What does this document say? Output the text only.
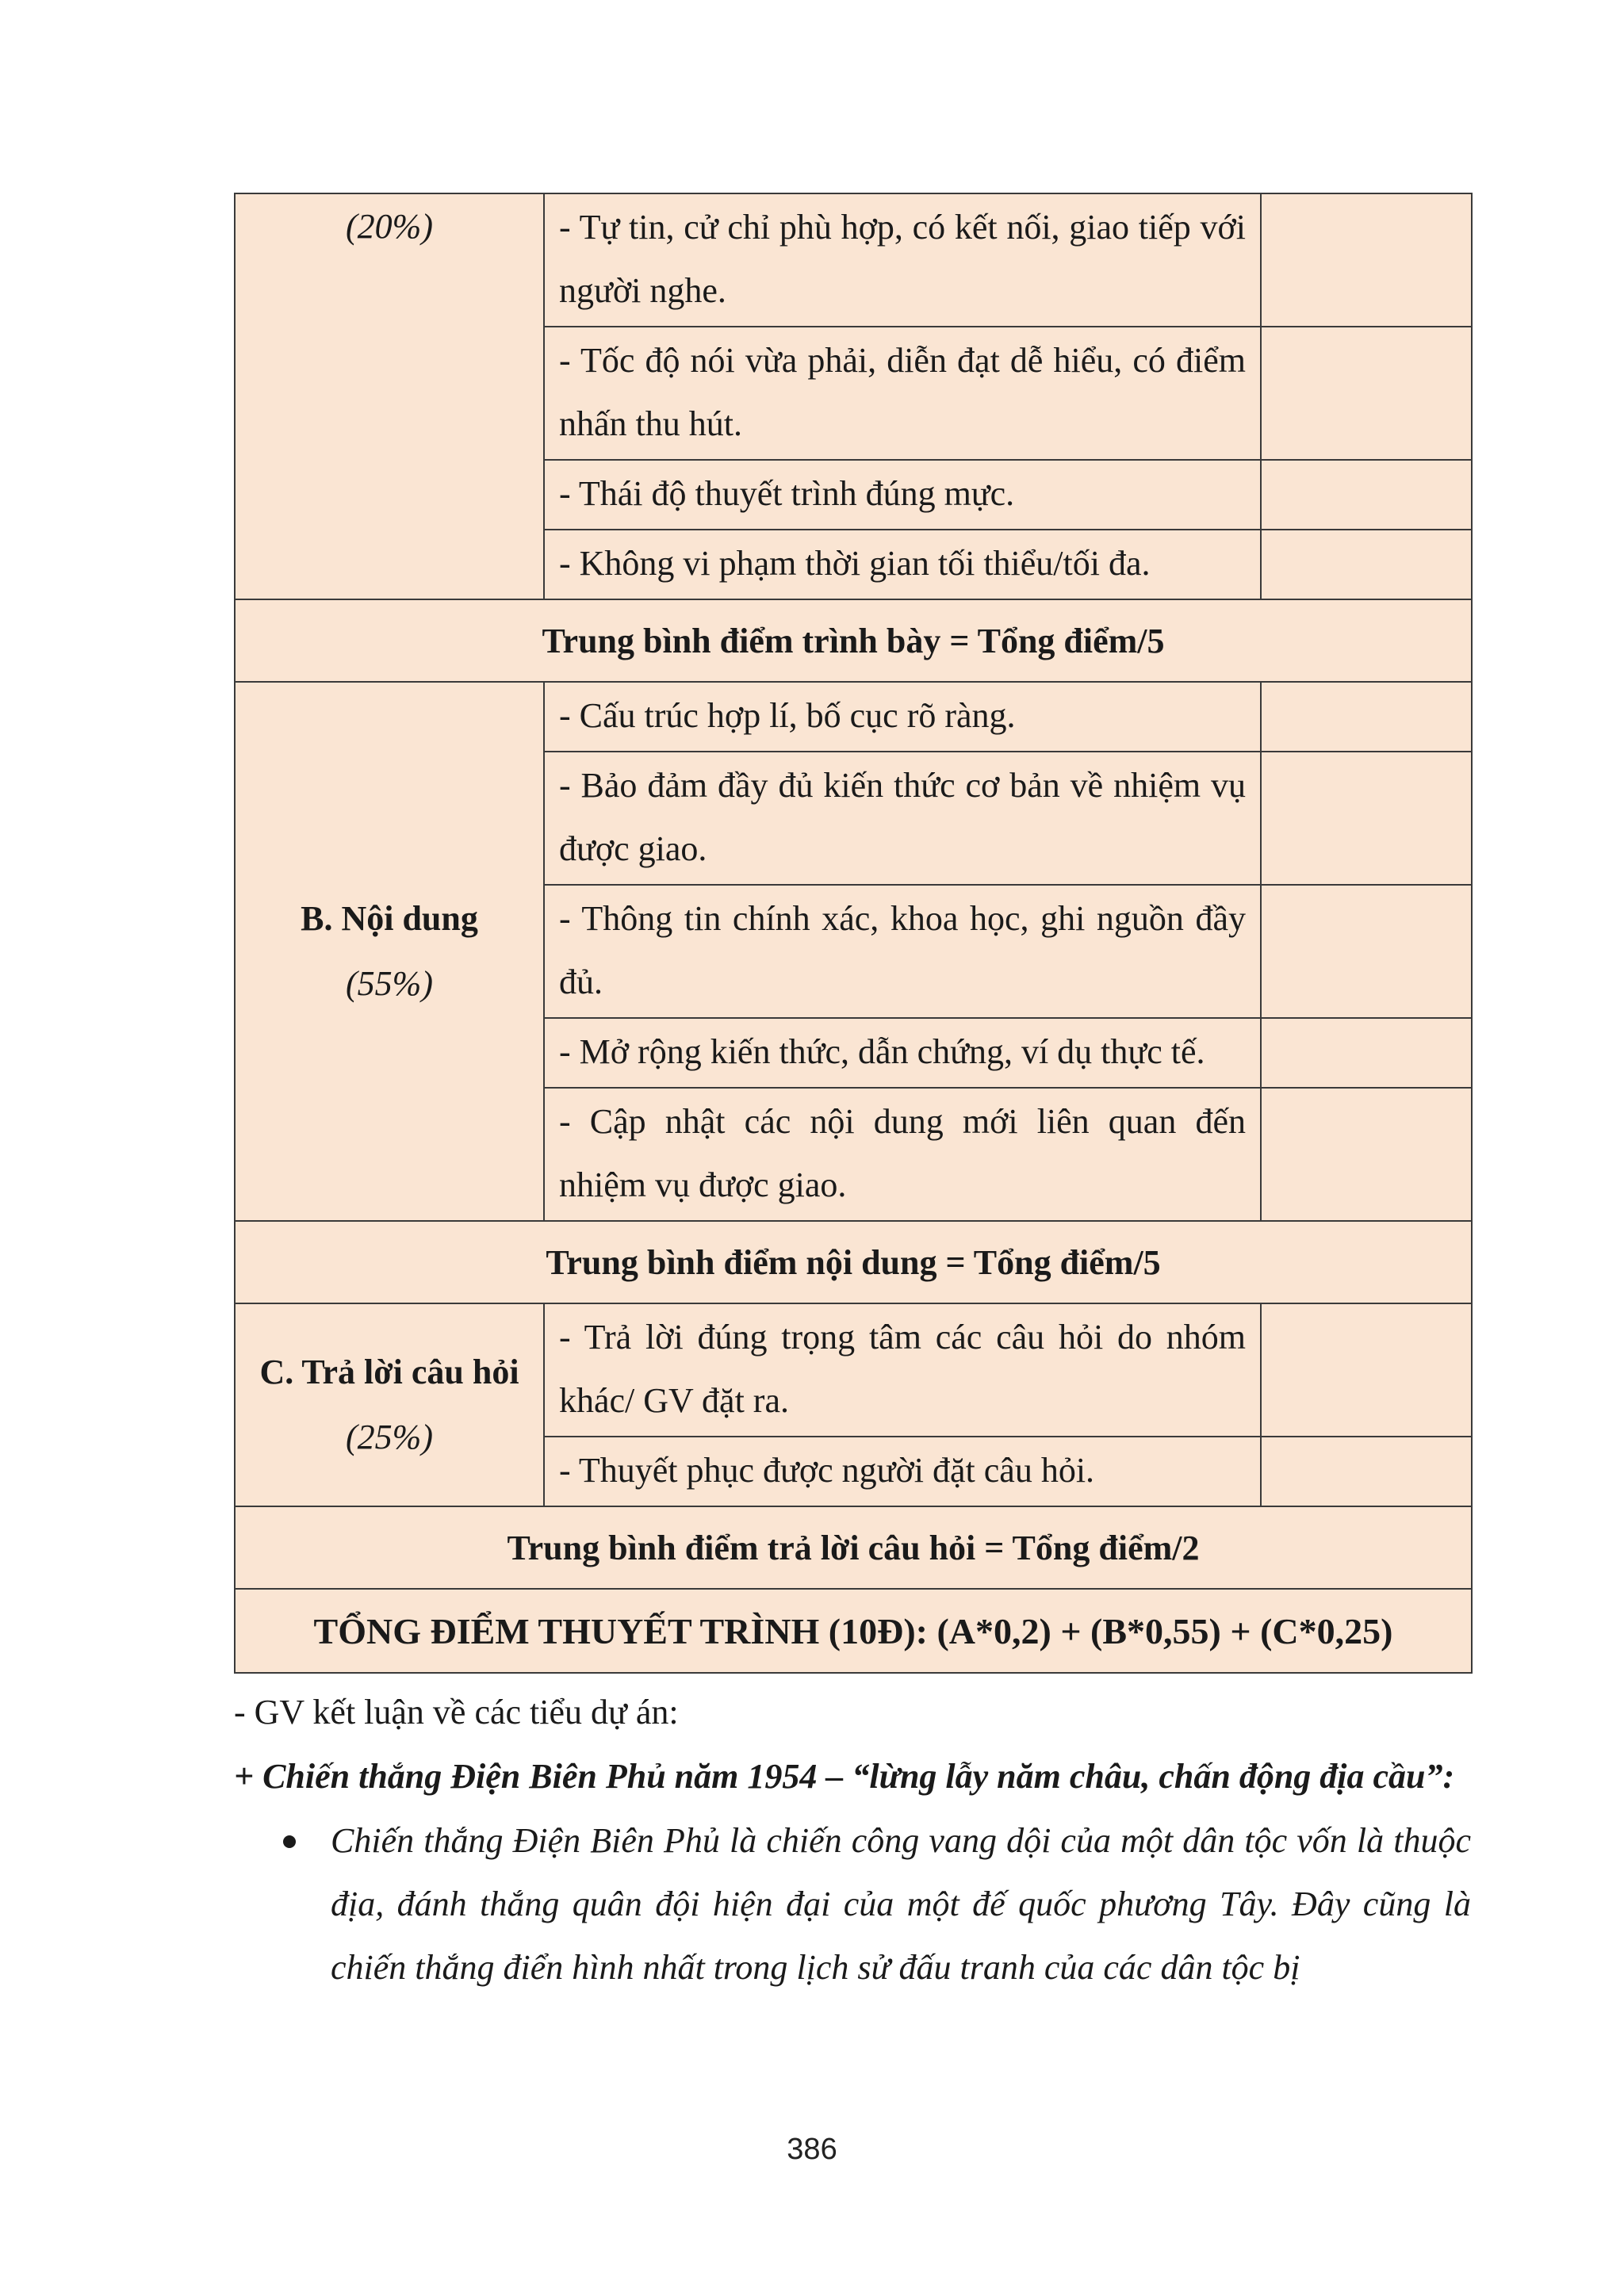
(20%)	- Tự tin, cử chỉ phù hợp, có kết nối, giao tiếp với người nghe.	
	- Tốc độ nói vừa phải, diễn đạt dễ hiểu, có điểm nhấn thu hút.	
	- Thái độ thuyết trình đúng mực.	
	- Không vi phạm thời gian tối thiểu/tối đa.	
Trung bình điểm trình bày = Tổng điểm/5		

B. Nội dung
(55%)	- Cấu trúc hợp lí, bố cục rõ ràng.	
	- Bảo đảm đầy đủ kiến thức cơ bản về nhiệm vụ được giao.	
	- Thông tin chính xác, khoa học, ghi nguồn đầy đủ.	
	- Mở rộng kiến thức, dẫn chứng, ví dụ thực tế.	
	- Cập nhật các nội dung mới liên quan đến nhiệm vụ được giao.	
Trung bình điểm nội dung = Tổng điểm/5		

C. Trả lời câu hỏi
(25%)	- Trả lời đúng trọng tâm các câu hỏi do nhóm khác/ GV đặt ra.	
	- Thuyết phục được người đặt câu hỏi.	
Trung bình điểm trả lời câu hỏi = Tổng điểm/2		
TỔNG ĐIỂM THUYẾT TRÌNH (10Đ): (A*0,2) + (B*0,55) + (C*0,25)		

- GV kết luận về các tiểu dự án:

+ Chiến thắng Điện Biên Phủ năm 1954 – “lừng lẫy năm châu, chấn động địa cầu”:

Chiến thắng Điện Biên Phủ là chiến công vang dội của một dân tộc vốn là thuộc địa, đánh thắng quân đội hiện đại của một đế quốc phương Tây. Đây cũng là chiến thắng điển hình nhất trong lịch sử đấu tranh của các dân tộc bị
386
